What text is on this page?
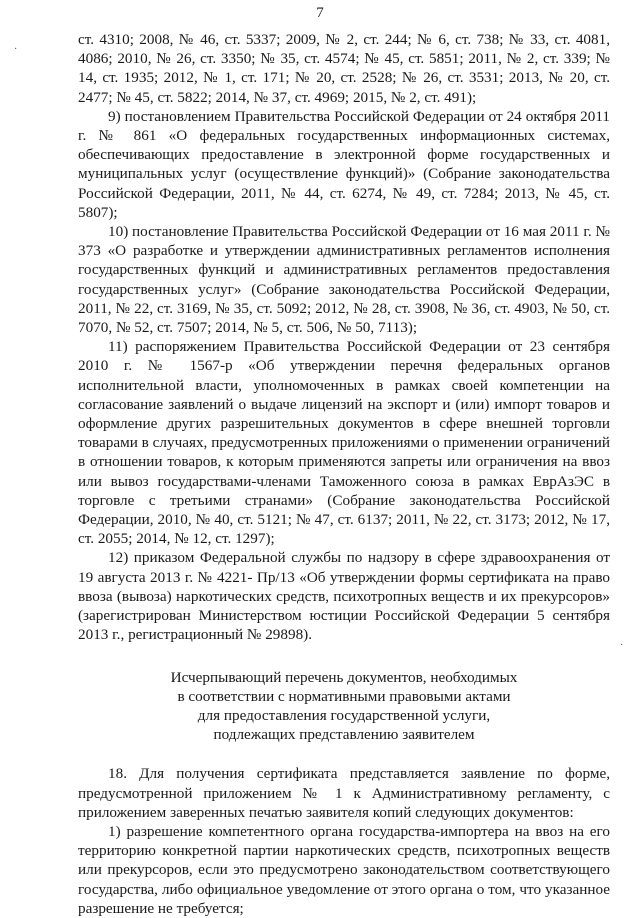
7

ст. 4310; 2008, № 46, ст. 5337; 2009, № 2, ст. 244; № 6, ст. 738; № 33, ст. 4081, 4086; 2010, № 26, ст. 3350; № 35, ст. 4574; № 45, ст. 5851; 2011, № 2, ст. 339; № 14, ст. 1935; 2012, № 1, ст. 171; № 20, ст. 2528; № 26, ст. 3531; 2013, № 20, ст. 2477; № 45, ст. 5822; 2014, № 37, ст. 4969; 2015, № 2, ст. 491);

9) постановлением Правительства Российской Федерации от 24 октября 2011 г. № 861 «О федеральных государственных информационных системах, обеспечивающих предоставление в электронной форме государственных и муниципальных услуг (осуществление функций)» (Собрание законодательства Российской Федерации, 2011, № 44, ст. 6274, № 49, ст. 7284; 2013, № 45, ст. 5807);

10) постановление Правительства Российской Федерации от 16 мая 2011 г. № 373 «О разработке и утверждении административных регламентов исполнения государственных функций и административных регламентов предоставления государственных услуг» (Собрание законодательства Российской Федерации, 2011, № 22, ст. 3169, № 35, ст. 5092; 2012, № 28, ст. 3908, № 36, ст. 4903, № 50, ст. 7070, № 52, ст. 7507; 2014, № 5, ст. 506, № 50, 7113);

11) распоряжением Правительства Российской Федерации от 23 сентября 2010 г. № 1567-р «Об утверждении перечня федеральных органов исполнительной власти, уполномоченных в рамках своей компетенции на согласование заявлений о выдаче лицензий на экспорт и (или) импорт товаров и оформление других разрешительных документов в сфере внешней торговли товарами в случаях, предусмотренных приложениями о применении ограничений в отношении товаров, к которым применяются запреты или ограничения на ввоз или вывоз государствами-членами Таможенного союза в рамках ЕврАзЭС в торговле с третьими странами» (Собрание законодательства Российской Федерации, 2010, № 40, ст. 5121; № 47, ст. 6137; 2011, № 22, ст. 3173; 2012, № 17, ст. 2055; 2014, № 12, ст. 1297);

12) приказом Федеральной службы по надзору в сфере здравоохранения от 19 августа 2013 г. № 4221- Пр/13 «Об утверждении формы сертификата на право ввоза (вывоза) наркотических средств, психотропных веществ и их прекурсоров» (зарегистрирован Министерством юстиции Российской Федерации 5 сентября 2013 г., регистрационный № 29898).

Исчерпывающий перечень документов, необходимых
в соответствии с нормативными правовыми актами
для предоставления государственной услуги,
подлежащих представлению заявителем

18. Для получения сертификата представляется заявление по форме, предусмотренной приложением № 1 к Административному регламенту, с приложением заверенных печатью заявителя копий следующих документов:

1) разрешение компетентного органа государства-импортера на ввоз на его территорию конкретной партии наркотических средств, психотропных веществ или прекурсоров, если это предусмотрено законодательством соответствующего государства, либо официальное уведомление от этого органа о том, что указанное разрешение не требуется;

·
·
